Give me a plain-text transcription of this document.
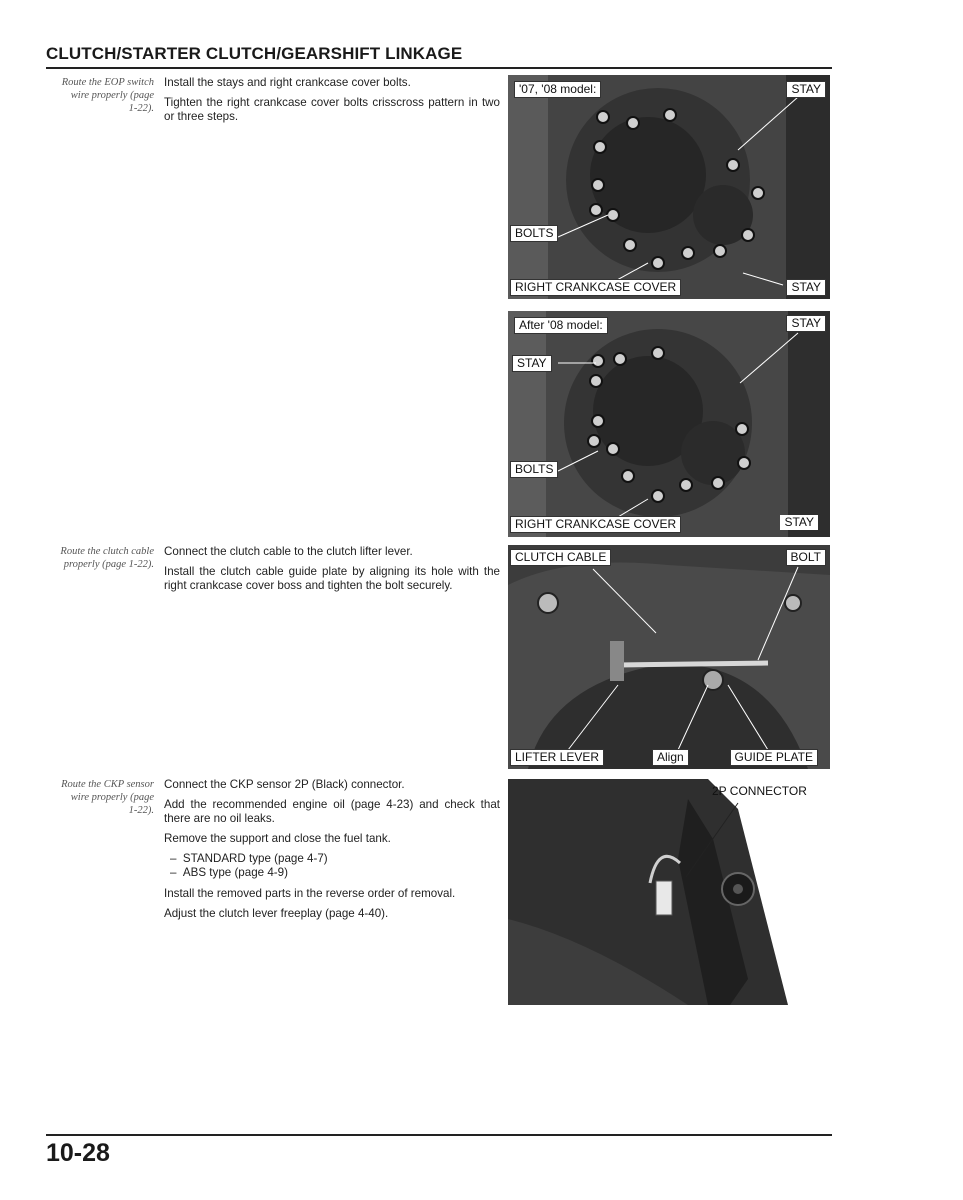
CLUTCH/STARTER CLUTCH/GEARSHIFT LINKAGE
Route the EOP switch wire properly (page 1-22).

Install the stays and right crankcase cover bolts.

Tighten the right crankcase cover bolts crisscross pattern in two or three steps.

Route the clutch cable properly (page 1-22).

Connect the clutch cable to the clutch lifter lever.

Install the clutch cable guide plate by aligning its hole with the right crankcase cover boss and tighten the bolt securely.

Route the CKP sensor wire properly (page 1-22).

Connect the CKP sensor 2P (Black) connector.

Add the recommended engine oil (page 4-23) and check that there are no oil leaks.

Remove the support and close the fuel tank.

–  STANDARD type (page 4-7)
–  ABS type (page 4-9)

Install the removed parts in the reverse order of removal.

Adjust the clutch lever freeplay (page 4-40).

'07, '08 model:	STAY
BOLTS
RIGHT CRANKCASE COVER	STAY
After '08 model:	STAY
STAY
BOLTS
RIGHT CRANKCASE COVER	STAY
CLUTCH CABLE	BOLT
LIFTER LEVER	Align	GUIDE PLATE
2P CONNECTOR
10-28
